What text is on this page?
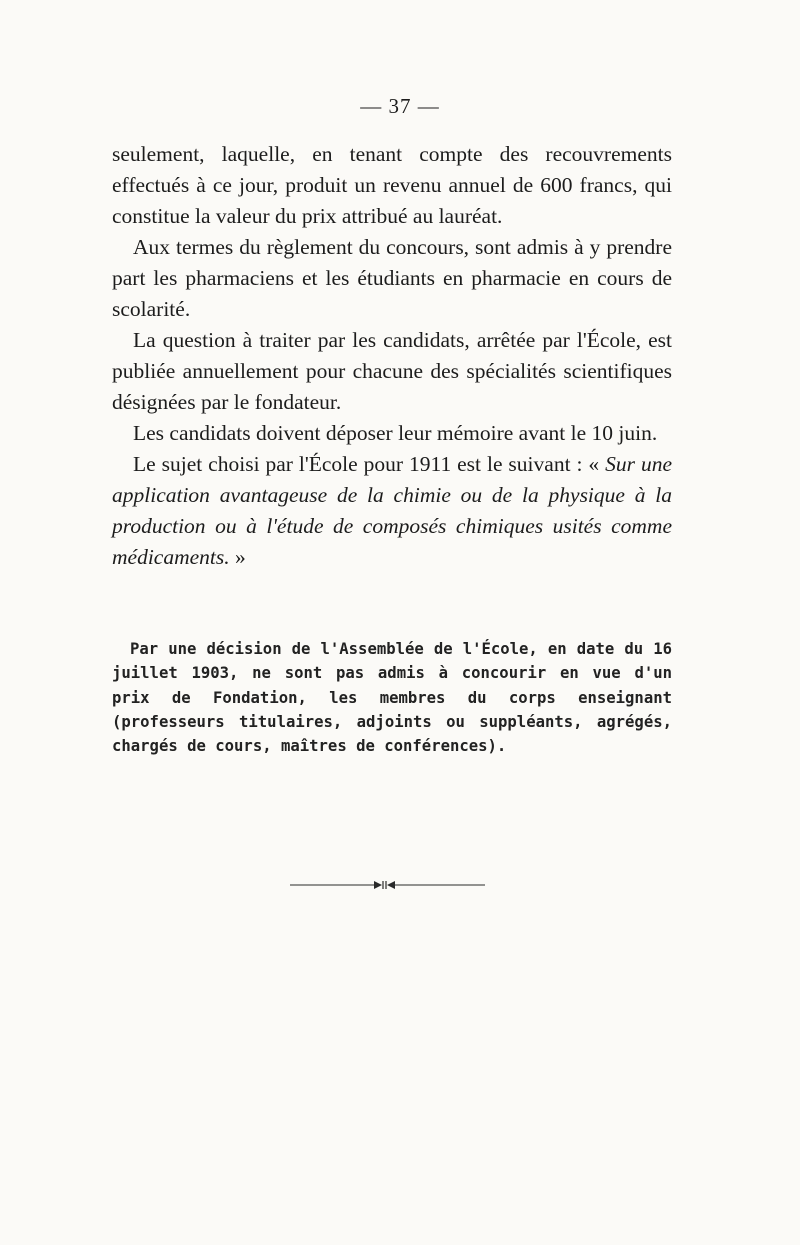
— 37 —

seulement, laquelle, en tenant compte des recouvrements effectués à ce jour, produit un revenu annuel de 600 francs, qui constitue la valeur du prix attribué au lauréat.

Aux termes du règlement du concours, sont admis à y prendre part les pharmaciens et les étudiants en pharmacie en cours de scolarité.

La question à traiter par les candidats, arrêtée par l'École, est publiée annuellement pour chacune des spécialités scientifiques désignées par le fondateur.

Les candidats doivent déposer leur mémoire avant le 10 juin.

Le sujet choisi par l'École pour 1911 est le suivant : « Sur une application avantageuse de la chimie ou de la physique à la production ou à l'étude de composés chimiques usités comme médicaments. »

Par une décision de l'Assemblée de l'École, en date du 16 juillet 1903, ne sont pas admis à concourir en vue d'un prix de Fondation, les membres du corps enseignant (professeurs titulaires, adjoints ou suppléants, agrégés, chargés de cours, maîtres de conférences).
